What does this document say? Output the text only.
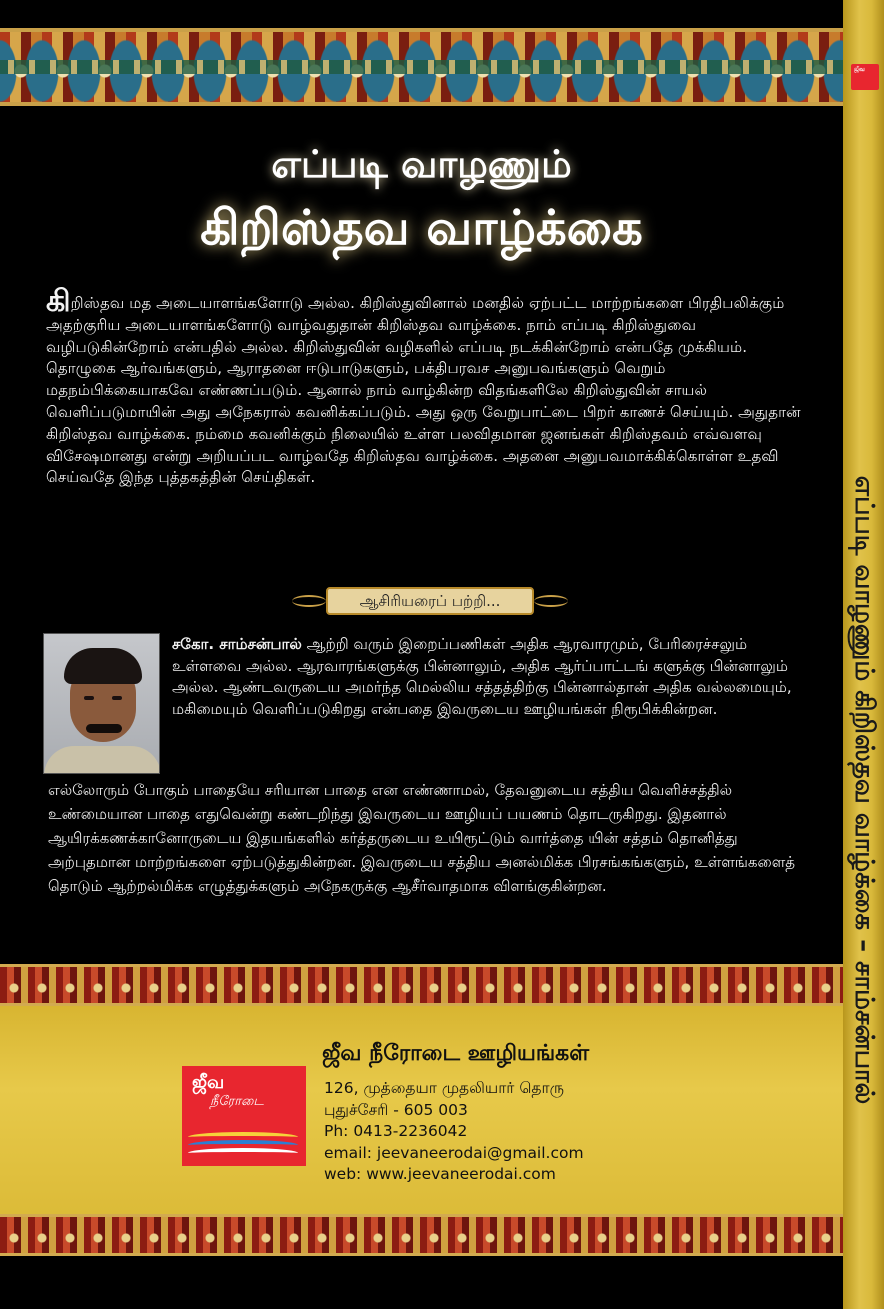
ஜீவ
எப்படி வாழணும் கிறிஸ்தவ வாழ்க்கை – சாம்சன்பால்
எப்படி வாழணும்
கிறிஸ்தவ வாழ்க்கை

கிறிஸ்தவ மத அடையாளங்களோடு அல்ல. கிறிஸ்துவினால் மனதில் ஏற்பட்ட மாற்றங்களை பிரதிபலிக்கும் அதற்குரிய அடையாளங்களோடு வாழ்வதுதான் கிறிஸ்தவ வாழ்க்கை. நாம் எப்படி கிறிஸ்துவை வழிபடுகின்றோம் என்பதில் அல்ல. கிறிஸ்துவின் வழிகளில் எப்படி நடக்கின்றோம் என்பதே முக்கியம். தொழுகை ஆர்வங்களும், ஆராதனை ஈடுபாடுகளும், பக்திபரவச அனுபவங்களும் வெறும் மதநம்பிக்கையாகவே எண்ணப்படும். ஆனால் நாம் வாழ்கின்ற விதங்களிலே கிறிஸ்துவின் சாயல் வெளிப்படுமாயின் அது அநேகரால் கவனிக்கப்படும். அது ஒரு வேறுபாட்டை பிறர் காணச் செய்யும். அதுதான் கிறிஸ்தவ வாழ்க்கை. நம்மை கவனிக்கும் நிலையில் உள்ள பலவிதமான ஜனங்கள் கிறிஸ்தவம் எவ்வளவு விசேஷமானது என்று அறியப்பட வாழ்வதே கிறிஸ்தவ வாழ்க்கை. அதனை அனுபவமாக்கிக்கொள்ள உதவி செய்வதே இந்த புத்தகத்தின் செய்திகள்.

ஆசிரியரைப் பற்றி...
சகோ. சாம்சன்பால் ஆற்றி வரும் இறைப்பணிகள் அதிக ஆரவாரமும், பேரிரைச்சலும் உள்ளவை அல்ல. ஆரவாரங்களுக்கு பின்னாலும், அதிக ஆர்ப்பாட்டங் களுக்கு பின்னாலும் அல்ல. ஆண்டவருடைய அமர்ந்த மெல்லிய சத்தத்திற்கு பின்னால்தான் அதிக வல்லமையும், மகிமையும் வெளிப்படுகிறது என்பதை இவருடைய ஊழியங்கள் நிரூபிக்கின்றன.
எல்லோரும் போகும் பாதையே சரியான பாதை என எண்ணாமல், தேவனுடைய சத்திய வெளிச்சத்தில் உண்மையான பாதை எதுவென்று கண்டறிந்து இவருடைய ஊழியப் பயணம் தொடருகிறது. இதனால் ஆயிரக்கணக்கானோருடைய இதயங்களில் கர்த்தருடைய உயிரூட்டும் வார்த்தை யின் சத்தம் தொனித்து அற்புதமான மாற்றங்களை ஏற்படுத்துகின்றன. இவருடைய சத்திய அனல்மிக்க பிரசங்கங்களும், உள்ளங்களைத் தொடும் ஆற்றல்மிக்க எழுத்துக்களும் அநேகருக்கு ஆசீர்வாதமாக விளங்குகின்றன.
ஜீவ
நீரோடை
ஜீவ நீரோடை ஊழியங்கள்
126, முத்தையா முதலியார் தொரு
புதுச்சேரி - 605 003
Ph: 0413-2236042
email: jeevaneerodai@gmail.com
web: www.jeevaneerodai.com
